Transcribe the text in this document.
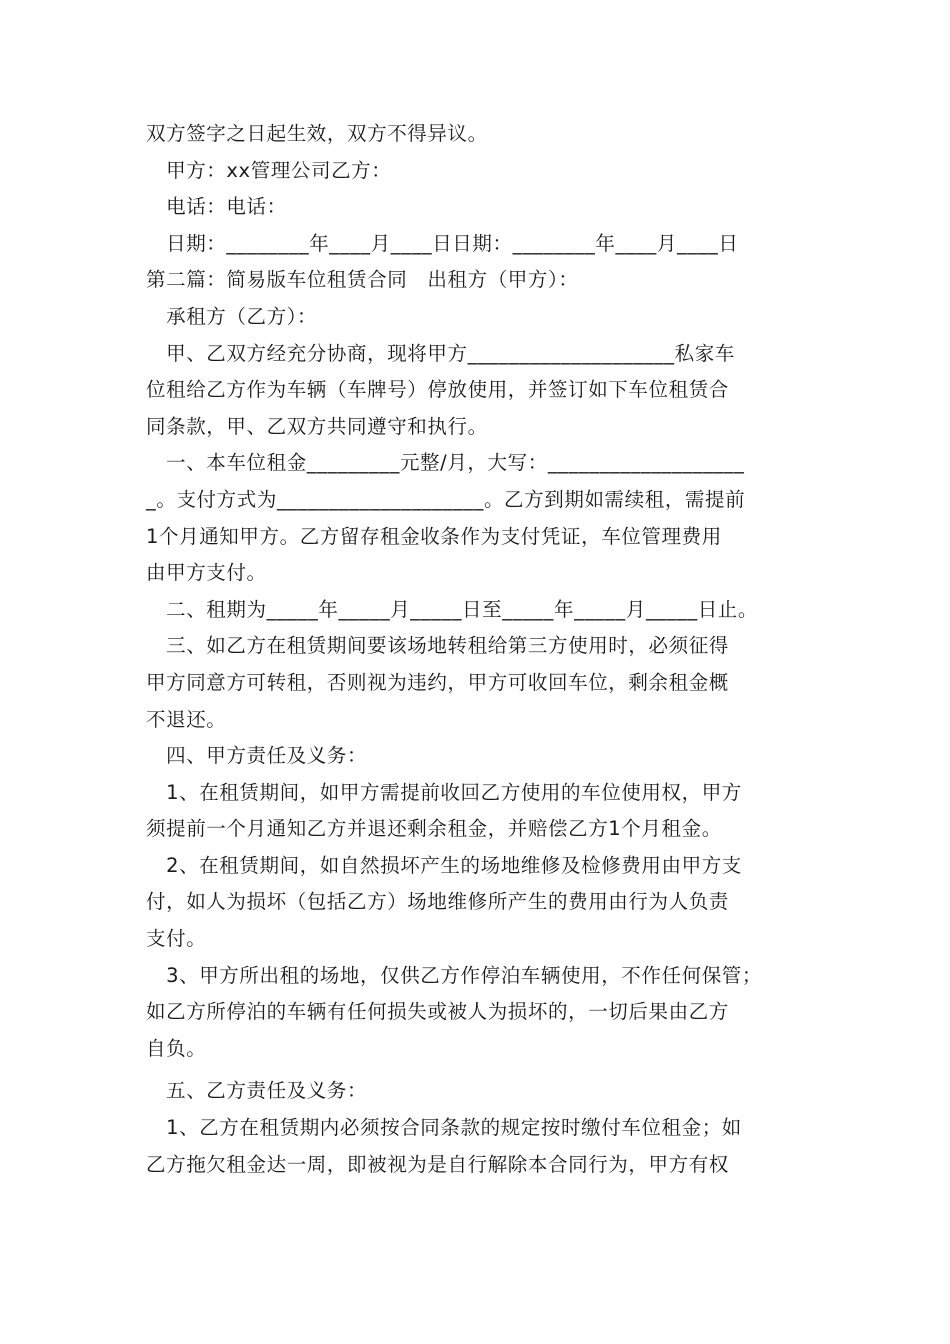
双方签字之日起生效，双方不得异议。
　甲方：xx管理公司乙方：
　电话：电话：
　日期：________年____月____日日期：________年____月____日
第二篇：简易版车位租赁合同　出租方（甲方）：
　承租方（乙方）：
　甲、乙双方经充分协商，现将甲方____________________私家车
位租给乙方作为车辆（车牌号）停放使用，并签订如下车位租赁合
同条款，甲、乙双方共同遵守和执行。
　一、本车位租金_________元整/月，大写：___________________
_。支付方式为____________________。乙方到期如需续租，需提前
1个月通知甲方。乙方留存租金收条作为支付凭证，车位管理费用
由甲方支付。
　二、租期为_____年_____月_____日至_____年_____月_____日止。
　三、如乙方在租赁期间要该场地转租给第三方使用时，必须征得
甲方同意方可转租，否则视为违约，甲方可收回车位，剩余租金概
不退还。
　四、甲方责任及义务：
　1、在租赁期间，如甲方需提前收回乙方使用的车位使用权，甲方
须提前一个月通知乙方并退还剩余租金，并赔偿乙方1个月租金。
　2、在租赁期间，如自然损坏产生的场地维修及检修费用由甲方支
付，如人为损坏（包括乙方）场地维修所产生的费用由行为人负责
支付。
　3、甲方所出租的场地，仅供乙方作停泊车辆使用，不作任何保管；
如乙方所停泊的车辆有任何损失或被人为损坏的，一切后果由乙方
自负。
　五、乙方责任及义务：
　1、乙方在租赁期内必须按合同条款的规定按时缴付车位租金；如
乙方拖欠租金达一周，即被视为是自行解除本合同行为，甲方有权
